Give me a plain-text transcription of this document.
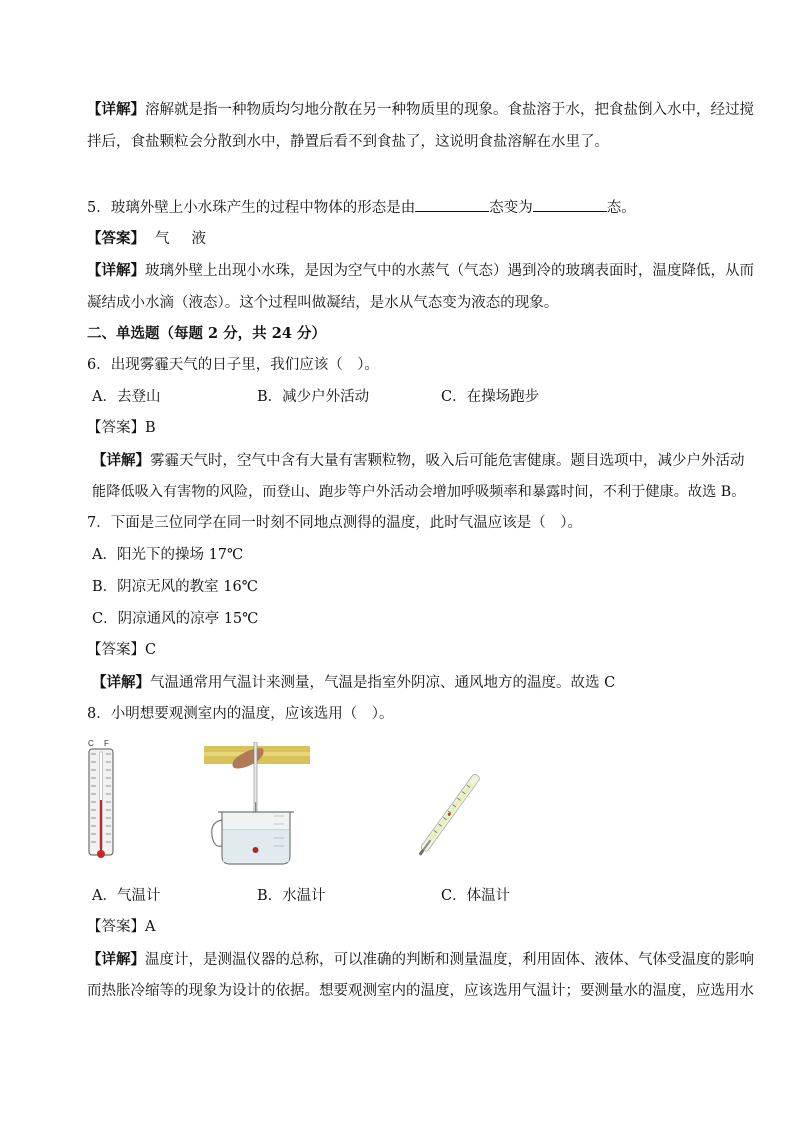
【详解】溶解就是指一种物质均匀地分散在另一种物质里的现象。食盐溶于水，把食盐倒入水中，经过搅
拌后，食盐颗粒会分散到水中，静置后看不到食盐了，这说明食盐溶解在水里了。
5．玻璃外壁上小水珠产生的过程中物体的形态是由	态变为	态。
【答案】 气 液
【详解】玻璃外壁上出现小水珠，是因为空气中的水蒸气（气态）遇到冷的玻璃表面时，温度降低，从而
凝结成小水滴（液态）。这个过程叫做凝结，是水从气态变为液态的现象。
二、单选题（每题 2 分，共 24 分）
6．出现雾霾天气的日子里，我们应该（　）。
A．去登山	B．减少户外活动	C．在操场跑步
【答案】B
【详解】雾霾天气时，空气中含有大量有害颗粒物，吸入后可能危害健康。题目选项中，减少户外活动
能降低吸入有害物的风险，而登山、跑步等户外活动会增加呼吸频率和暴露时间，不利于健康。故选 B。
7．下面是三位同学在同一时刻不同地点测得的温度，此时气温应该是（　）。
A．阳光下的操场 17℃
B．阴凉无风的教室 16℃
C．阴凉通风的凉亭 15℃
【答案】C
【详解】气温通常用气温计来测量，气温是指室外阴凉、通风地方的温度。故选 C
8．小明想要观测室内的温度，应该选用（　）。
C F
A．气温计	B．水温计	C．体温计
【答案】A
【详解】温度计，是测温仪器的总称，可以准确的判断和测量温度，利用固体、液体、气体受温度的影响
而热胀冷缩等的现象为设计的依据。想要观测室内的温度，应该选用气温计；要测量水的温度，应选用水
